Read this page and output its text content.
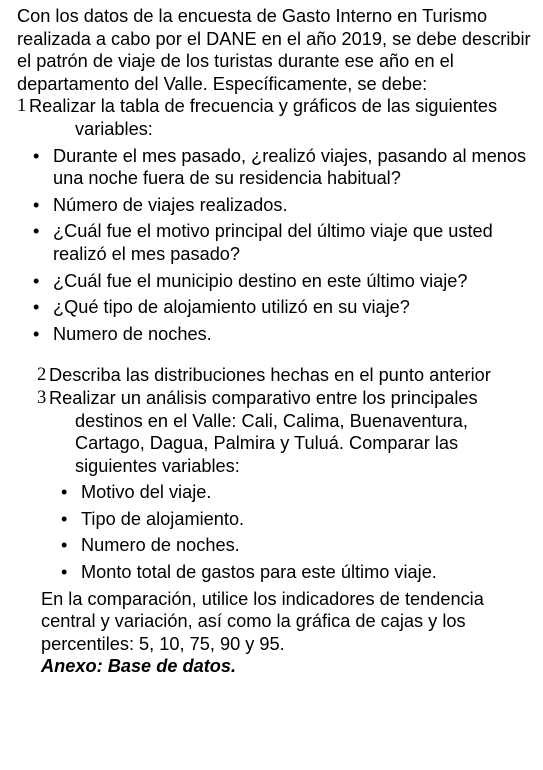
Con los datos de la encuesta de Gasto Interno en Turismo realizada a cabo por el DANE en el año 2019, se debe describir el patrón de viaje de los turistas durante ese año en el departamento del Valle. Específicamente, se debe:

1 Realizar la tabla de frecuencia y gráficos de las siguientes variables:
• Durante el mes pasado, ¿realizó viajes, pasando al menos una noche fuera de su residencia habitual?
• Número de viajes realizados.
• ¿Cuál fue el motivo principal del último viaje que usted realizó el mes pasado?
• ¿Cuál fue el municipio destino en este último viaje?
• ¿Qué tipo de alojamiento utilizó en su viaje?
• Numero de noches.
2 Describa las distribuciones hechas en el punto anterior
3 Realizar un análisis comparativo entre los principales destinos en el Valle: Cali, Calima, Buenaventura, Cartago, Dagua, Palmira y Tuluá. Comparar las siguientes variables:
• Motivo del viaje.
• Tipo de alojamiento.
• Numero de noches.
• Monto total de gastos para este último viaje.

En la comparación, utilice los indicadores de tendencia central y variación, así como la gráfica de cajas y los percentiles: 5, 10, 75, 90 y 95.

Anexo: Base de datos.
